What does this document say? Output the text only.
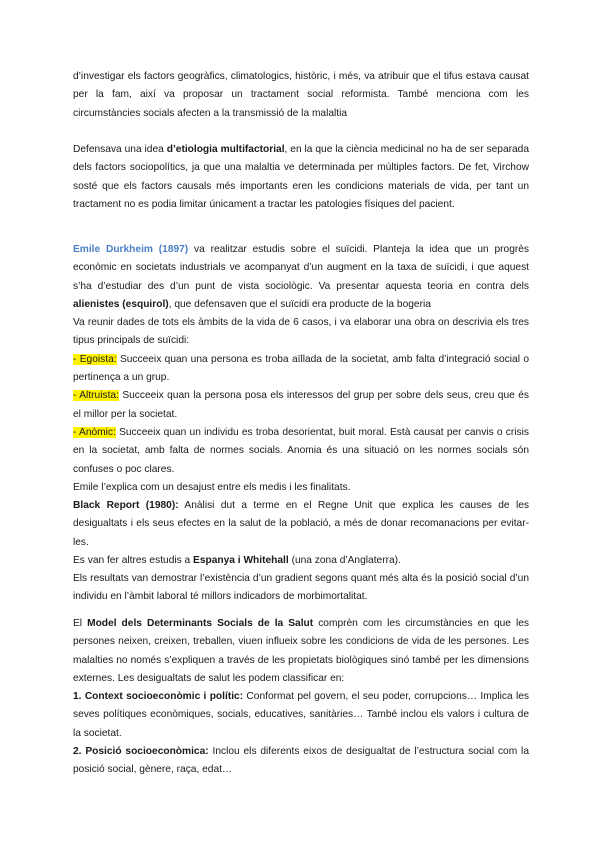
d’investigar els factors geogràfics, climatologics, històric, i més, va atribuir que el tifus estava causat per la fam, així va proposar un tractament social reformista. També menciona com les circumstàncies socials afecten a la transmissió de la malaltia

Defensava una idea d’etiologia multifactorial, en la que la ciència medicinal no ha de ser separada dels factors sociopolítics, ja que una malaltia ve determinada per múltiples factors. De fet, Virchow sosté que els factors causals més importants eren les condicions materials de vida, per tant un tractament no es podia limitar únicament a tractar les patologies físiques del pacient.

Emile Durkheim (1897) va realitzar estudis sobre el suïcidi. Planteja la idea que un progrès econòmic en societats industrials ve acompanyat d’un augment en la taxa de suïcidi, i que aquest s’ha d’estudiar des d’un punt de vista sociològic. Va presentar aquesta teoria en contra dels alienistes (esquirol), que defensaven que el suïcidi era producte de la bogeria

Va reunir dades de tots els àmbits de la vida de 6 casos, i va elaborar una obra on descrivia els tres tipus principals de suïcidi:

- Egoista: Succeeix quan una persona es troba aïllada de la societat, amb falta d’integració social o pertinença a un grup.

- Altruista: Succeeix quan la persona posa els interessos del grup per sobre dels seus, creu que és el millor per la societat.

- Anòmic: Succeeix quan un individu es troba desorientat, buit moral. Està causat per canvis o crisis en la societat, amb falta de normes socials. Anomia és una situació on les normes socials són confuses o poc clares.

Emile l’explica com un desajust entre els medis i les finalitats.

Black Report (1980): Anàlisi dut a terme en el Regne Unit que explica les causes de les desigualtats i els seus efectes en la salut de la població, a més de donar recomanacions per evitar-les.

Es van fer altres estudis a Espanya i Whitehall (una zona d’Anglaterra).

Els resultats van demostrar l’existència d’un gradient segons quant més alta és la posició social d’un individu en l’àmbit laboral té millors indicadors de morbimortalitat.

El Model dels Determinants Socials de la Salut comprèn com les circumstàncies en que les persones neixen, creixen, treballen, viuen influeix sobre les condicions de vida de les persones. Les malalties no només s’expliquen a través de les propietats biològiques sinó també per les dimensions externes. Les desigualtats de salut les podem classificar en:

1. Context socioeconòmic i polític: Conformat pel govern, el seu poder, corrupcions… Implica les seves polítiques econòmiques, socials, educatives, sanitàries… També inclou els valors i cultura de la societat.

2. Posició socioeconòmica: Inclou els diferents eixos de desigualtat de l’estructura social com la posició social, gènere, raça, edat…
